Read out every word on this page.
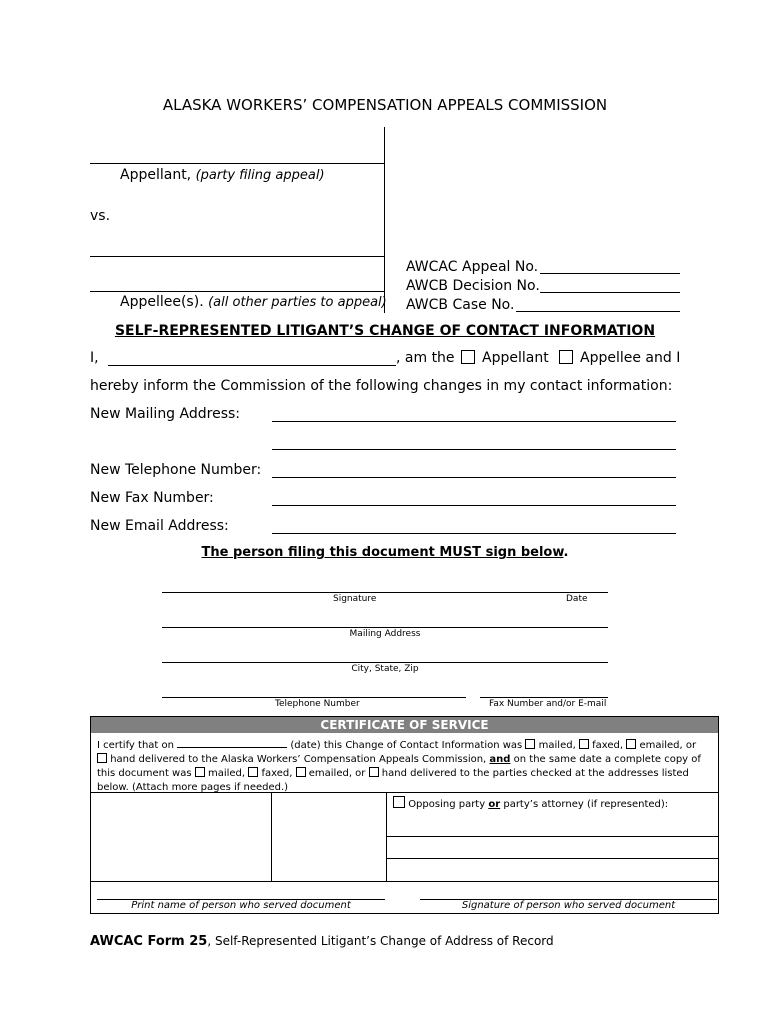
ALASKA WORKERS’ COMPENSATION APPEALS COMMISSION
Appellant, (party filing appeal)
vs.
Appellee(s). (all other parties to appeal)
AWCAC Appeal No.
AWCB Decision No.
AWCB Case No.
SELF-REPRESENTED LITIGANT’S CHANGE OF CONTACT INFORMATION
I,	, am the Appellant Appellee and I
hereby inform the Commission of the following changes in my contact information:
New Mailing Address:
New Telephone Number:
New Fax Number:
New Email Address:
The person filing this document MUST sign below.
Signature	Date
Mailing Address
City, State, Zip
Telephone Number	Fax Number and/or E-mail
CERTIFICATE OF SERVICE
I certify that on	(date) this Change of Contact Information was mailed, faxed, emailed, or
hand delivered to the Alaska Workers’ Compensation Appeals Commission, and on the same date a complete copy of
this document was mailed, faxed, emailed, or hand delivered to the parties checked at the addresses listed
below. (Attach more pages if needed.)
Opposing party or party’s attorney (if represented):
Print name of person who served document	Signature of person who served document
AWCAC Form 25, Self-Represented Litigant’s Change of Address of Record
